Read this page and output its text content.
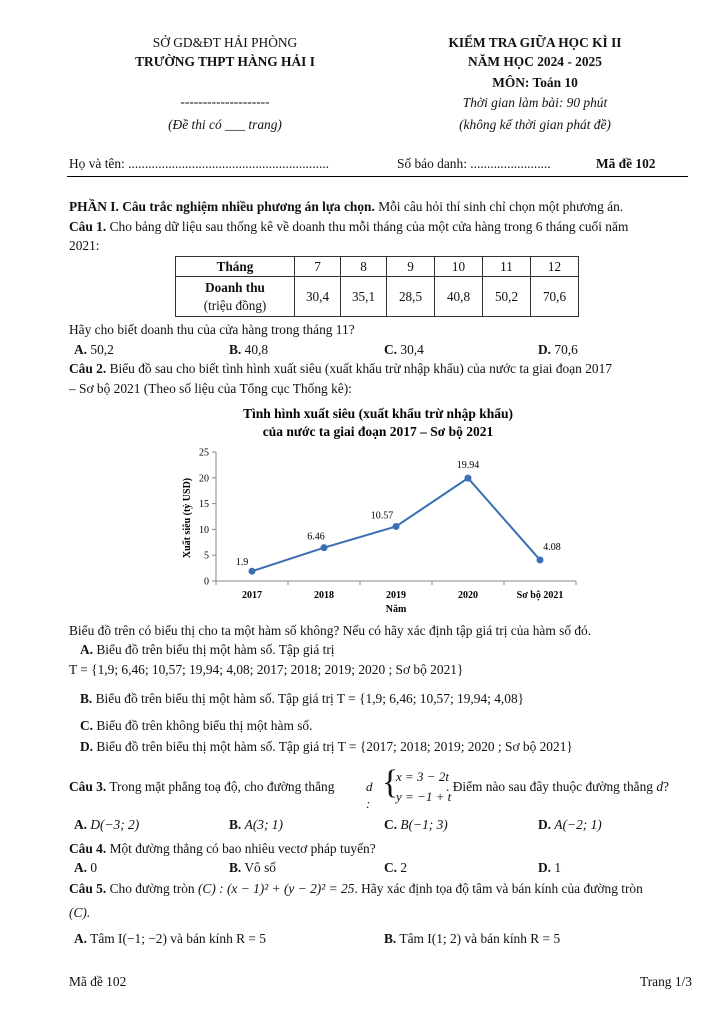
SỞ GD&ĐT HẢI PHÒNG
TRƯỜNG THPT HÀNG HẢI I
--------------------
(Đề thi có ___ trang)
KIỂM TRA GIỮA HỌC KÌ II
NĂM HỌC 2024 - 2025
MÔN: Toán 10
Thời gian làm bài: 90 phút
(không kể thời gian phát đề)
Họ và tên: ............................................................	Số báo danh: ........................	Mã đề 102
PHẦN I. Câu trắc nghiệm nhiều phương án lựa chọn. Mỗi câu hỏi thí sinh chỉ chọn một phương án.
Câu 1. Cho bảng dữ liệu sau thống kê về doanh thu mỗi tháng của một cửa hàng trong 6 tháng cuối năm
2021:
Tháng	7	8	9	10	11	12
Doanh thu
(triệu đồng)	30,4	35,1	28,5	40,8	50,2	70,6
Hãy cho biết doanh thu của cửa hàng trong tháng 11?
A. 50,2	B. 40,8	C. 30,4	D. 70,6
Câu 2. Biểu đồ sau cho biết tình hình xuất siêu (xuất khẩu trừ nhập khẩu) của nước ta giai đoạn 2017
– Sơ bộ 2021 (Theo số liệu của Tổng cục Thống kê):
Tình hình xuất siêu (xuất khẩu trừ nhập khẩu)
của nước ta giai đoạn 2017 – Sơ bộ 2021
0
5
10
15
20
25
2017	2018	2019	2020	Sơ bộ 2021
Xuất siêu (tỷ USD)
Năm
1.9
6.46
10.57
19.94
4.08
Biểu đồ trên có biểu thị cho ta một hàm số không? Nếu có hãy xác định tập giá trị của hàm số đó.
A. Biểu đồ trên biểu thị một hàm số. Tập giá trị
T = {1,9; 6,46; 10,57; 19,94; 4,08; 2017; 2018; 2019; 2020 ; Sơ bộ 2021}
B. Biểu đồ trên biểu thị một hàm số. Tập giá trị T = {1,9; 6,46; 10,57; 19,94; 4,08}
C. Biểu đồ trên không biểu thị một hàm số.
D. Biểu đồ trên biểu thị một hàm số. Tập giá trị T = {2017; 2018; 2019; 2020 ; Sơ bộ 2021}
Câu 3. Trong mặt phẳng toạ độ, cho đường thẳng d :
{
x = 3 − 2t
y = −1 + t
. Điểm nào sau đây thuộc đường thẳng d?
A. D(−3; 2)	B. A(3; 1)	C. B(−1; 3)	D. A(−2; 1)
Câu 4. Một đường thẳng có bao nhiêu vectơ pháp tuyến?
A. 0	B. Vô số	C. 2	D. 1
Câu 5. Cho đường tròn (C) : (x − 1)² + (y − 2)² = 25. Hãy xác định tọa độ tâm và bán kính của đường tròn
(C).
A. Tâm I(−1; −2) và bán kính R = 5	B. Tâm I(1; 2) và bán kính R = 5
Mã đề 102	Trang 1/3
